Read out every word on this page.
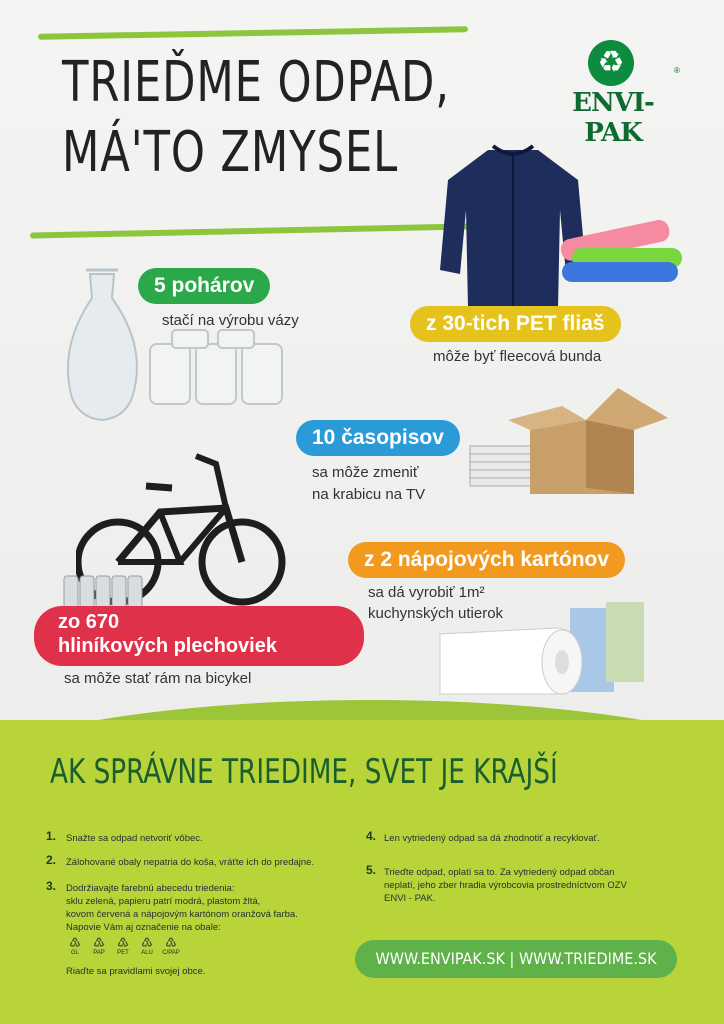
TRIEĎME ODPAD,
MÁ'TO ZMYSEL
♻
ENVI-PAK
®
5 pohárov
stačí na výrobu vázy	z 30-tich PET fliaš
môže byť fleecová bunda
10 časopisov
sa môže zmeniť
na krabicu na TV
zo 670
hliníkových plechoviek
sa môže stať rám na bicykel
z 2 nápojových kartónov
sa dá vyrobiť 1m²
kuchynských utierok
AK SPRÁVNE TRIEDIME, SVET JE KRAJŠÍ
1. Snažte sa odpad netvoriť vôbec.
2. Zálohované obaly nepatria do koša, vráťte ich do predajne.
3. Dodržiavajte farebnú abecedu triedenia:
sklu zelená, papieru patrí modrá, plastom žltá,
kovom červená a nápojovým kartónom oranžová farba.
Napovie Vám aj označenie na obale:
♳
GL
♳
PAP
♳
PET
♳
ALU
♳
C/PAP
Riaďte sa pravidlami svojej obce.
4. Len vytriedený odpad sa dá zhodnotiť a recyklovať.
5. Trieďte odpad, oplatí sa to. Za vytriedený odpad občan
neplatí, jeho zber hradia výrobcovia prostredníctvom OZV
ENVI - PAK.
WWW.ENVIPAK.SK | WWW.TRIEDIME.SK
